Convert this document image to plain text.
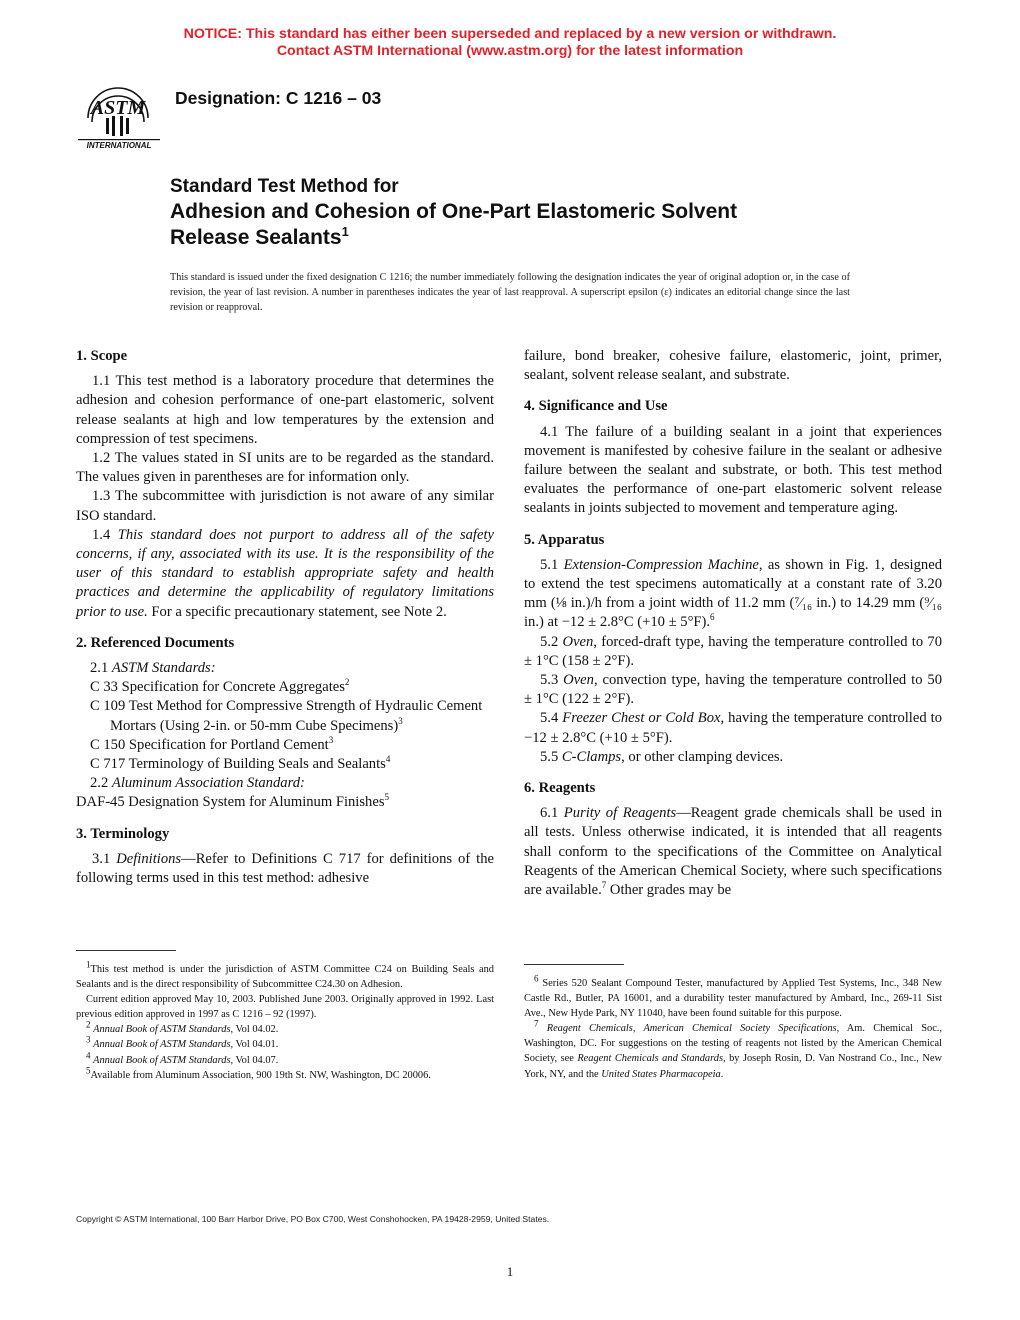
NOTICE: This standard has either been superseded and replaced by a new version or withdrawn.
Contact ASTM International (www.astm.org) for the latest information
ASTM
INTERNATIONAL
Designation: C 1216 – 03
Standard Test Method for
Adhesion and Cohesion of One-Part Elastomeric Solvent
Release Sealants$^1$
This standard is issued under the fixed designation C 1216; the number immediately following the designation indicates the year of original adoption or, in the case of revision, the year of last revision. A number in parentheses indicates the year of last reapproval. A superscript epsilon (ε) indicates an editorial change since the last revision or reapproval.
1. Scope

1.1 This test method is a laboratory procedure that determines the adhesion and cohesion performance of one-part elastomeric, solvent release sealants at high and low temperatures by the extension and compression of test specimens.

1.2 The values stated in SI units are to be regarded as the standard. The values given in parentheses are for information only.

1.3 The subcommittee with jurisdiction is not aware of any similar ISO standard.

1.4 This standard does not purport to address all of the safety concerns, if any, associated with its use. It is the responsibility of the user of this standard to establish appropriate safety and health practices and determine the applicability of regulatory limitations prior to use. For a specific precautionary statement, see Note 2.

2. Referenced Documents

2.1 ASTM Standards:

C 33 Specification for Concrete Aggregates$^2$

C 109 Test Method for Compressive Strength of Hydraulic Cement Mortars (Using 2-in. or 50-mm Cube Specimens)$^3$

C 150 Specification for Portland Cement$^3$

C 717 Terminology of Building Seals and Sealants$^4$

2.2 Aluminum Association Standard:

DAF-45 Designation System for Aluminum Finishes$^5$

3. Terminology

3.1 Definitions—Refer to Definitions C 717 for definitions of the following terms used in this test method: adhesive

failure, bond breaker, cohesive failure, elastomeric, joint, primer, sealant, solvent release sealant, and substrate.

4. Significance and Use

4.1 The failure of a building sealant in a joint that experiences movement is manifested by cohesive failure in the sealant or adhesive failure between the sealant and substrate, or both. This test method evaluates the performance of one-part elastomeric solvent release sealants in joints subjected to movement and temperature aging.

5. Apparatus

5.1 Extension-Compression Machine, as shown in Fig. 1, designed to extend the test specimens automatically at a constant rate of 3.20 mm (⅛ in.)/h from a joint width of 11.2 mm (⁷⁄₁₆ in.) to 14.29 mm (⁹⁄₁₆ in.) at −12 ± 2.8°C (+10 ± 5°F).$^6$

5.2 Oven, forced-draft type, having the temperature controlled to 70 ± 1°C (158 ± 2°F).

5.3 Oven, convection type, having the temperature controlled to 50 ± 1°C (122 ± 2°F).

5.4 Freezer Chest or Cold Box, having the temperature controlled to −12 ± 2.8°C (+10 ± 5°F).

5.5 C-Clamps, or other clamping devices.

6. Reagents

6.1 Purity of Reagents—Reagent grade chemicals shall be used in all tests. Unless otherwise indicated, it is intended that all reagents shall conform to the specifications of the Committee on Analytical Reagents of the American Chemical Society, where such specifications are available.$^7$ Other grades may be

$^1$This test method is under the jurisdiction of ASTM Committee C24 on Building Seals and Sealants and is the direct responsibility of Subcommittee C24.30 on Adhesion.

Current edition approved May 10, 2003. Published June 2003. Originally approved in 1992. Last previous edition approved in 1997 as C 1216 – 92 (1997).

$^2$ Annual Book of ASTM Standards, Vol 04.02.

$^3$ Annual Book of ASTM Standards, Vol 04.01.

$^4$ Annual Book of ASTM Standards, Vol 04.07.

$^5$Available from Aluminum Association, 900 19th St. NW, Washington, DC 20006.

$^6$ Series 520 Sealant Compound Tester, manufactured by Applied Test Systems, Inc., 348 New Castle Rd., Butler, PA 16001, and a durability tester manufactured by Ambard, Inc., 269-11 Sist Ave., New Hyde Park, NY 11040, have been found suitable for this purpose.

$^7$ Reagent Chemicals, American Chemical Society Specifications, Am. Chemical Soc., Washington, DC. For suggestions on the testing of reagents not listed by the American Chemical Society, see Reagent Chemicals and Standards, by Joseph Rosin, D. Van Nostrand Co., Inc., New York, NY, and the United States Pharmacopeia.

Copyright © ASTM International, 100 Barr Harbor Drive, PO Box C700, West Conshohocken, PA 19428-2959, United States.
1
